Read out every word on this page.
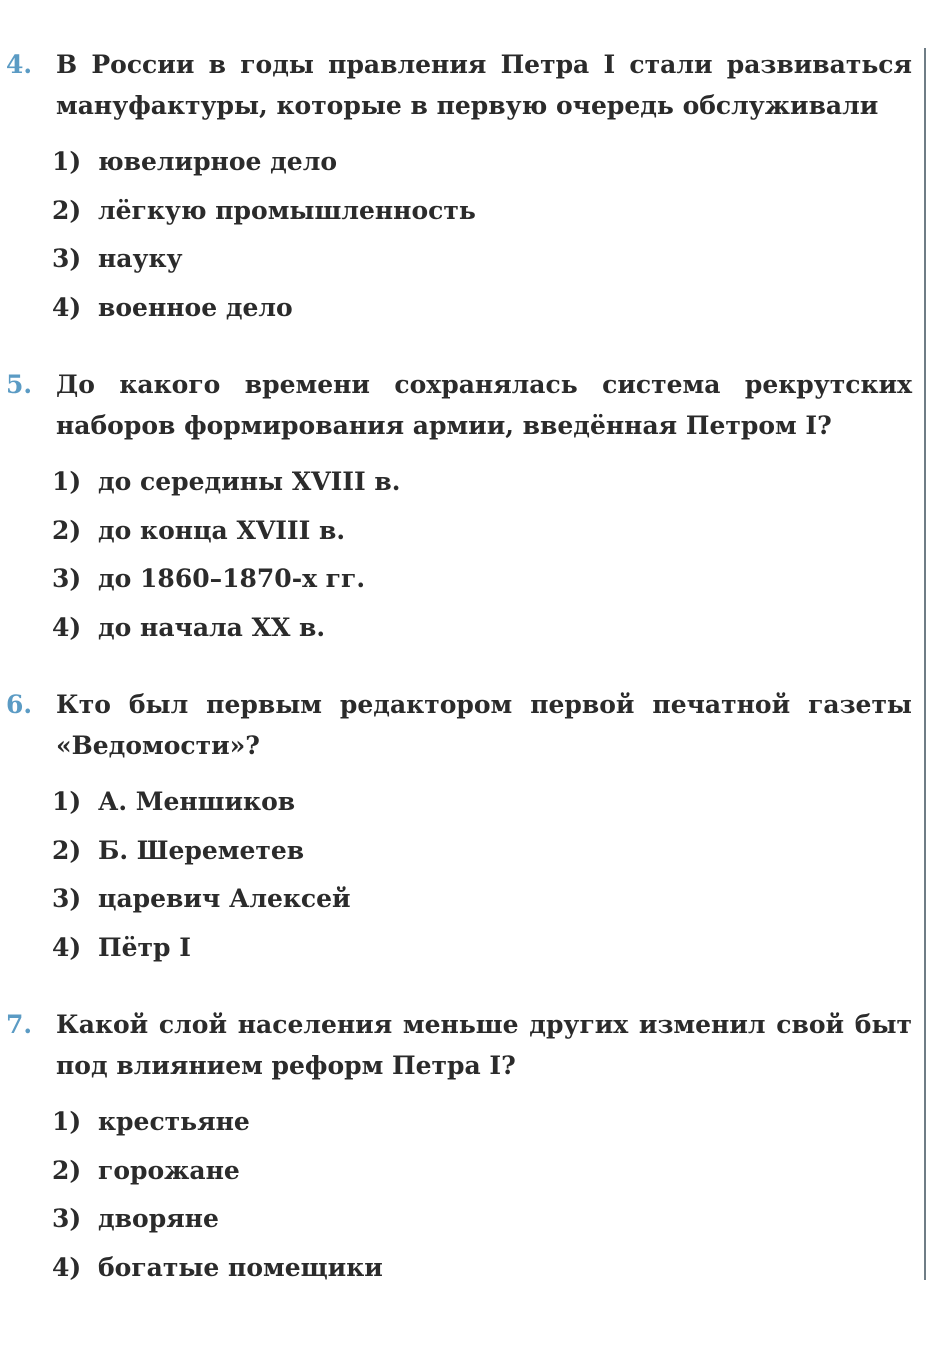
4. В России в годы правления Петра I стали развиваться мануфактуры, которые в первую очередь обслуживали
1) ювелирное дело
2) лёгкую промышленность
3) науку
4) военное дело
5. До какого времени сохранялась система рекрутских наборов формирования армии, введённая Петром I?
1) до середины XVIII в.
2) до конца XVIII в.
3) до 1860–1870-х гг.
4) до начала XX в.
6. Кто был первым редактором первой печатной газеты «Ведомости»?
1) А. Меншиков
2) Б. Шереметев
3) царевич Алексей
4) Пётр I
7. Какой слой населения меньше других изменил свой быт под влиянием реформ Петра I?
1) крестьяне
2) горожане
3) дворяне
4) богатые помещики
